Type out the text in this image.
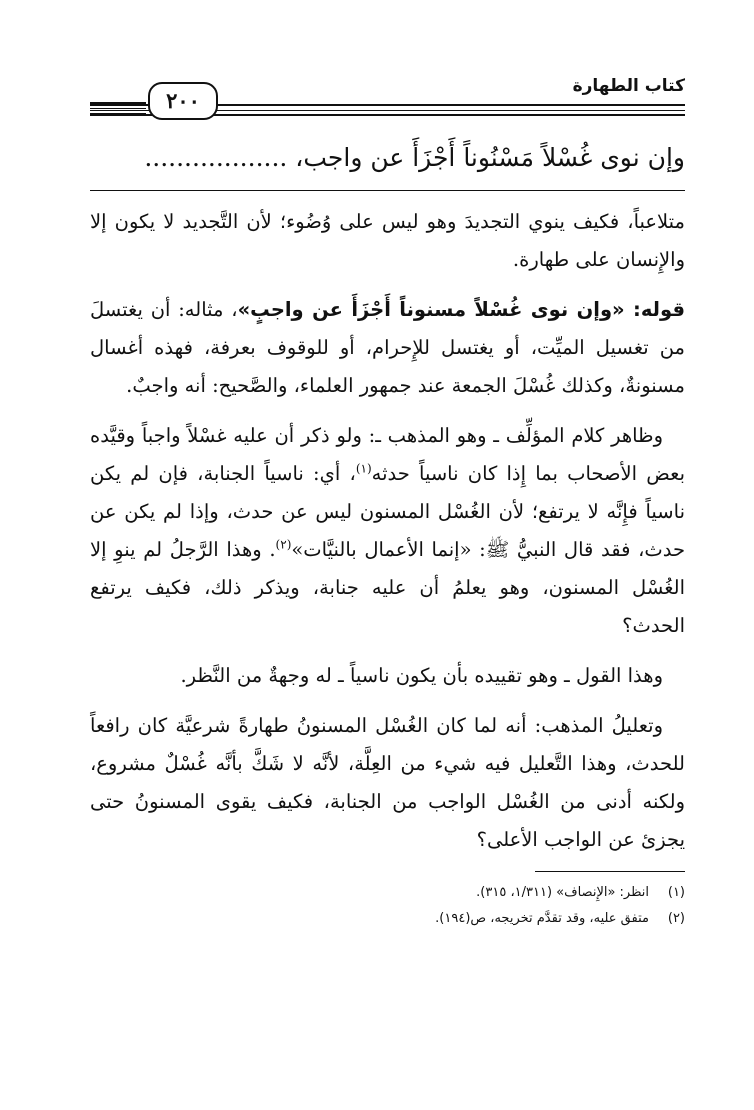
كتاب الطهارة
٢٠٠
وإن نوى غُسْلاً مَسْنُوناً أَجْزَأَ عن واجب، ..................

متلاعباً، فكيف ينوي التجديدَ وهو ليس على وُضُوء؛ لأن التَّجديد لا يكون إلا والإِنسان على طهارة.

قوله: «وإن نوى غُسْلاً مسنوناً أَجْزَأَ عن واجبٍ»، مثاله: أن يغتسلَ من تغسيل الميِّت، أو يغتسل للإِحرام، أو للوقوف بعرفة، فهذه أغسال مسنونةٌ، وكذلك غُسْلَ الجمعة عند جمهور العلماء، والصَّحيح: أنه واجبٌ.

وظاهر كلام المؤلِّف ـ وهو المذهب ـ: ولو ذكر أن عليه غسْلاً واجباً وقيَّده بعض الأصحاب بما إِذا كان ناسياً حدثه$^{(١)}$، أي: ناسياً الجنابة، فإن لم يكن ناسياً فإِنَّه لا يرتفع؛ لأن الغُسْل المسنون ليس عن حدث، وإذا لم يكن عن حدث، فقد قال النبيُّ ﷺ: «إنما الأعمال بالنيَّات»$^{(٢)}$. وهذا الرَّجلُ لم ينوِ إلا الغُسْل المسنون، وهو يعلمُ أن عليه جنابة، ويذكر ذلك، فكيف يرتفع الحدث؟

وهذا القول ـ وهو تقييده بأن يكون ناسياً ـ له وجهةٌ من النَّظر.

وتعليلُ المذهب: أنه لما كان الغُسْل المسنونُ طهارةً شرعيَّة كان رافعاً للحدث، وهذا التَّعليل فيه شيء من العِلَّة، لأنَّه لا شَكَّ بأنَّه غُسْلٌ مشروع، ولكنه أدنى من الغُسْل الواجب من الجنابة، فكيف يقوى المسنونُ حتى يجزئ عن الواجب الأعلى؟

(١)انظر: «الإِنصاف» (١/٣١١، ٣١٥).
(٢)متفق عليه، وقد تقدَّم تخريجه، ص(١٩٤).
